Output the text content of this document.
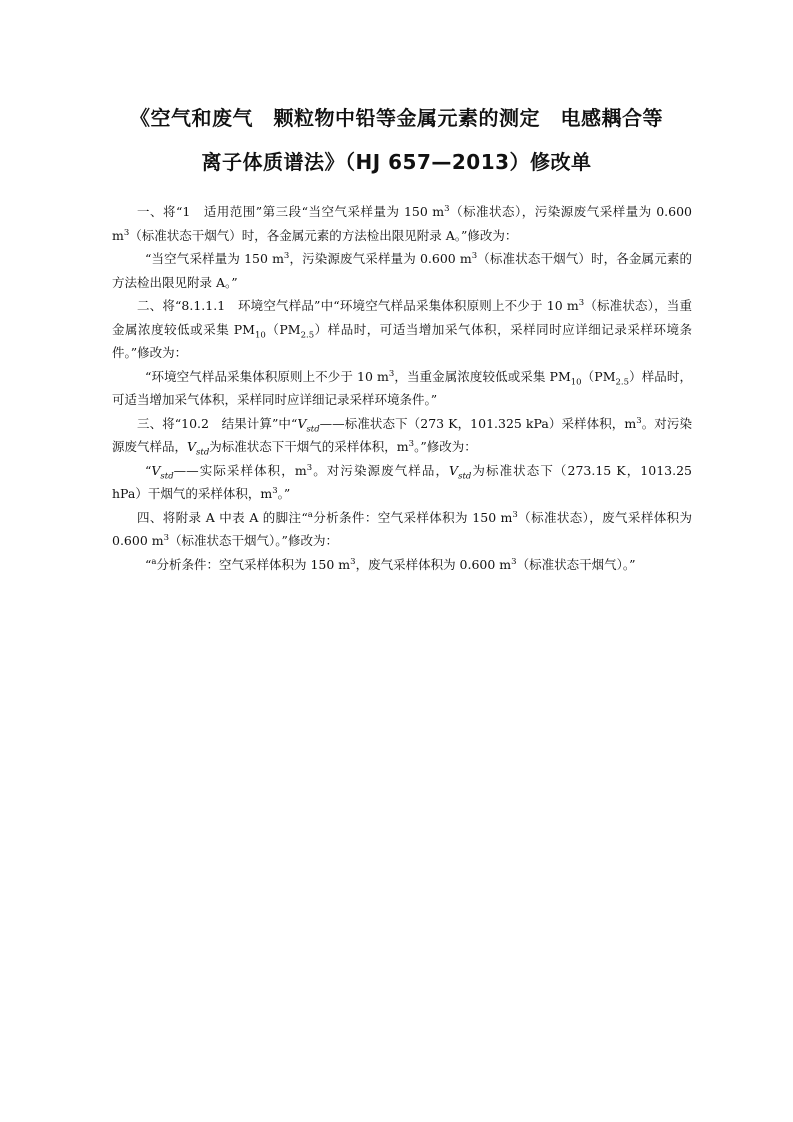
《空气和废气　颗粒物中铅等金属元素的测定　电感耦合等
离子体质谱法》（HJ 657—2013）修改单

一、将“1　适用范围”第三段“当空气采样量为 150 $m^3$（标准状态），污染源废气采样量为 0.600 $m^3$（标准状态干烟气）时，各金属元素的方法检出限见附录 A。”修改为：

“当空气采样量为 150 $m^3$，污染源废气采样量为 0.600 $m^3$（标准状态干烟气）时，各金属元素的方法检出限见附录 A。”

二、将“8.1.1.1　环境空气样品”中“环境空气样品采集体积原则上不少于 10 $m^3$（标准状态），当重金属浓度较低或采集 $PM_{10}(PM_{2.5})$样品时，可适当增加采气体积，采样同时应详细记录采样环境条件。”修改为：

“环境空气样品采集体积原则上不少于 10 $m^3$，当重金属浓度较低或采集 $PM_{10}(PM_{2.5})$样品时，可适当增加采气体积，采样同时应详细记录采样环境条件。”

三、将“10.2　结果计算”中“$V_{std}——$标准状态下（273 K，101.325 kPa）采样体积，$m^3$。对污染源废气样品，$V_{std}$为标准状态下干烟气的采样体积，$m^3$。”修改为：

“$V_{std}——$实际采样体积，$m^3$。对污染源废气样品，$V_{std}$为标准状态下（273.15 K，1013.25 hPa）干烟气的采样体积，$m^3$。”

四、将附录 A 中表 A 的脚注“$^a$分析条件：空气采样体积为 150 $m^3$（标准状态），废气采样体积为 0.600 $m^3$（标准状态干烟气）。”修改为：

“$^a$分析条件：空气采样体积为 150 $m^3$，废气采样体积为 0.600 $m^3$（标准状态干烟气）。”
